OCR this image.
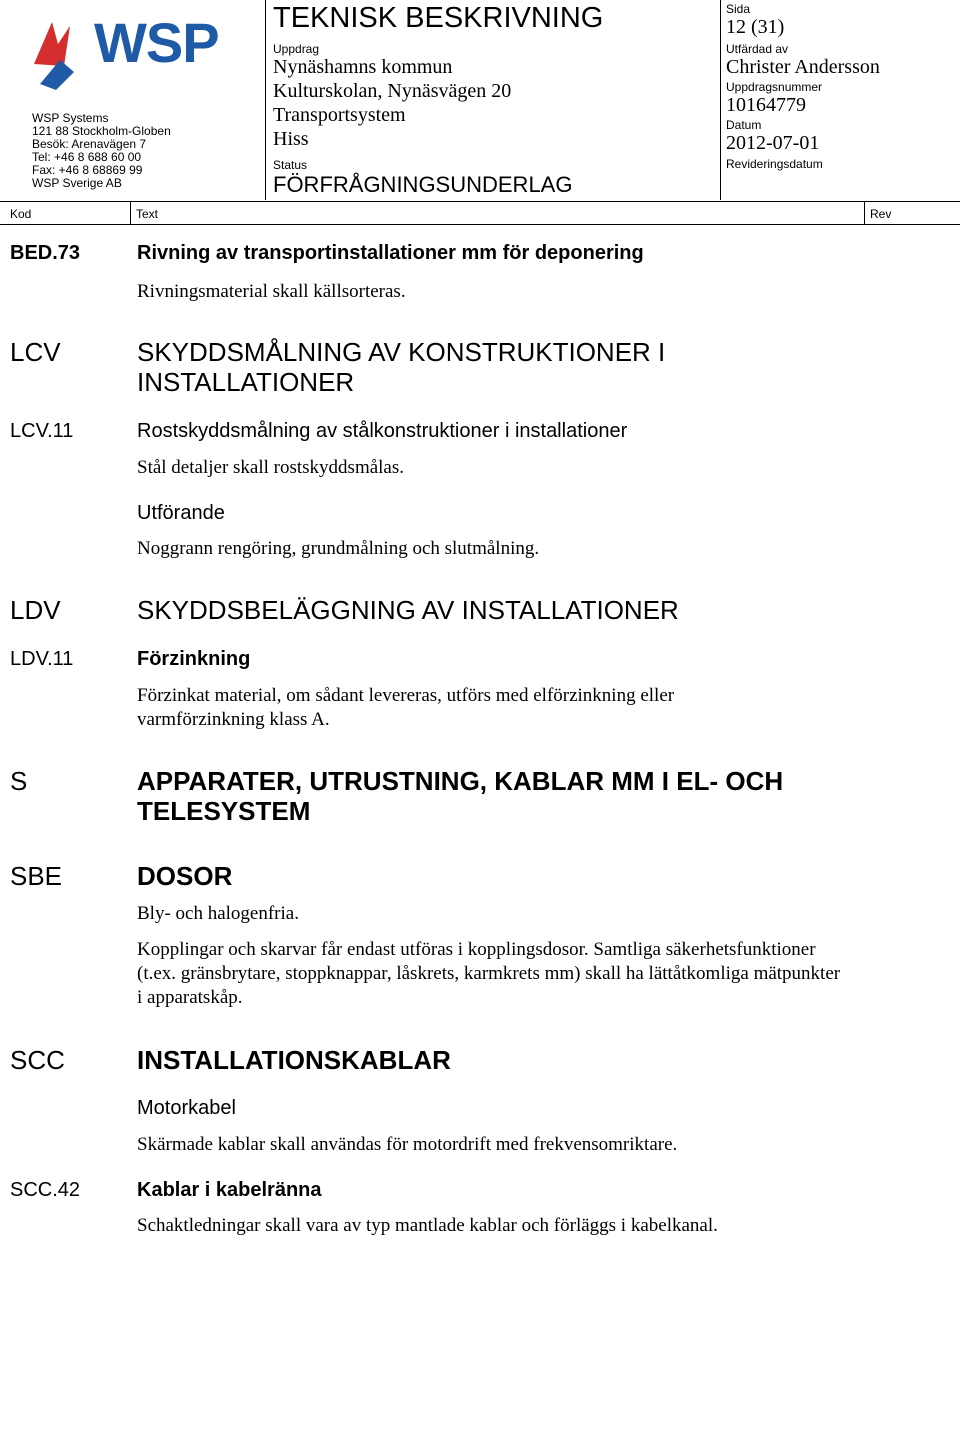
WSP
WSP Systems
121 88 Stockholm-Globen
Besök: Arenavägen 7
Tel: +46 8 688 60 00
Fax: +46 8 68869 99
WSP Sverige AB
TEKNISK BESKRIVNING
Uppdrag
Nynäshamns kommun
Kulturskolan, Nynäsvägen 20
Transportsystem
Hiss
Status
FÖRFRÅGNINGSUNDERLAG
Sida
12 (31)
Utfärdad av
Christer Andersson
Uppdragsnummer
10164779
Datum
2012-07-01
Revideringsdatum
Kod	Text	Rev
BED.73	Rivning av transportinstallationer mm för deponering
Rivningsmaterial skall källsorteras.
LCV	SKYDDSMÅLNING AV KONSTRUKTIONER I INSTALLATIONER
LCV.11	Rostskyddsmålning av stålkonstruktioner i installationer
Stål detaljer skall rostskyddsmålas.
Utförande
Noggrann rengöring, grundmålning och slutmålning.
LDV	SKYDDSBELÄGGNING AV INSTALLATIONER
LDV.11	Förzinkning
Förzinkat material, om sådant levereras, utförs med elförzinkning eller varmförzinkning klass A.
S	APPARATER, UTRUSTNING, KABLAR MM I EL- OCH TELESYSTEM
SBE	DOSOR
Bly- och halogenfria.
Kopplingar och skarvar får endast utföras i kopplingsdosor. Samtliga säkerhetsfunktioner (t.ex. gränsbrytare, stoppknappar, låskrets, karmkrets mm) skall ha lättåtkomliga mätpunkter i apparatskåp.
SCC	INSTALLATIONSKABLAR
Motorkabel
Skärmade kablar skall användas för motordrift med frekvensomriktare.
SCC.42	Kablar i kabelränna
Schaktledningar skall vara av typ mantlade kablar och förläggs i kabelkanal.
